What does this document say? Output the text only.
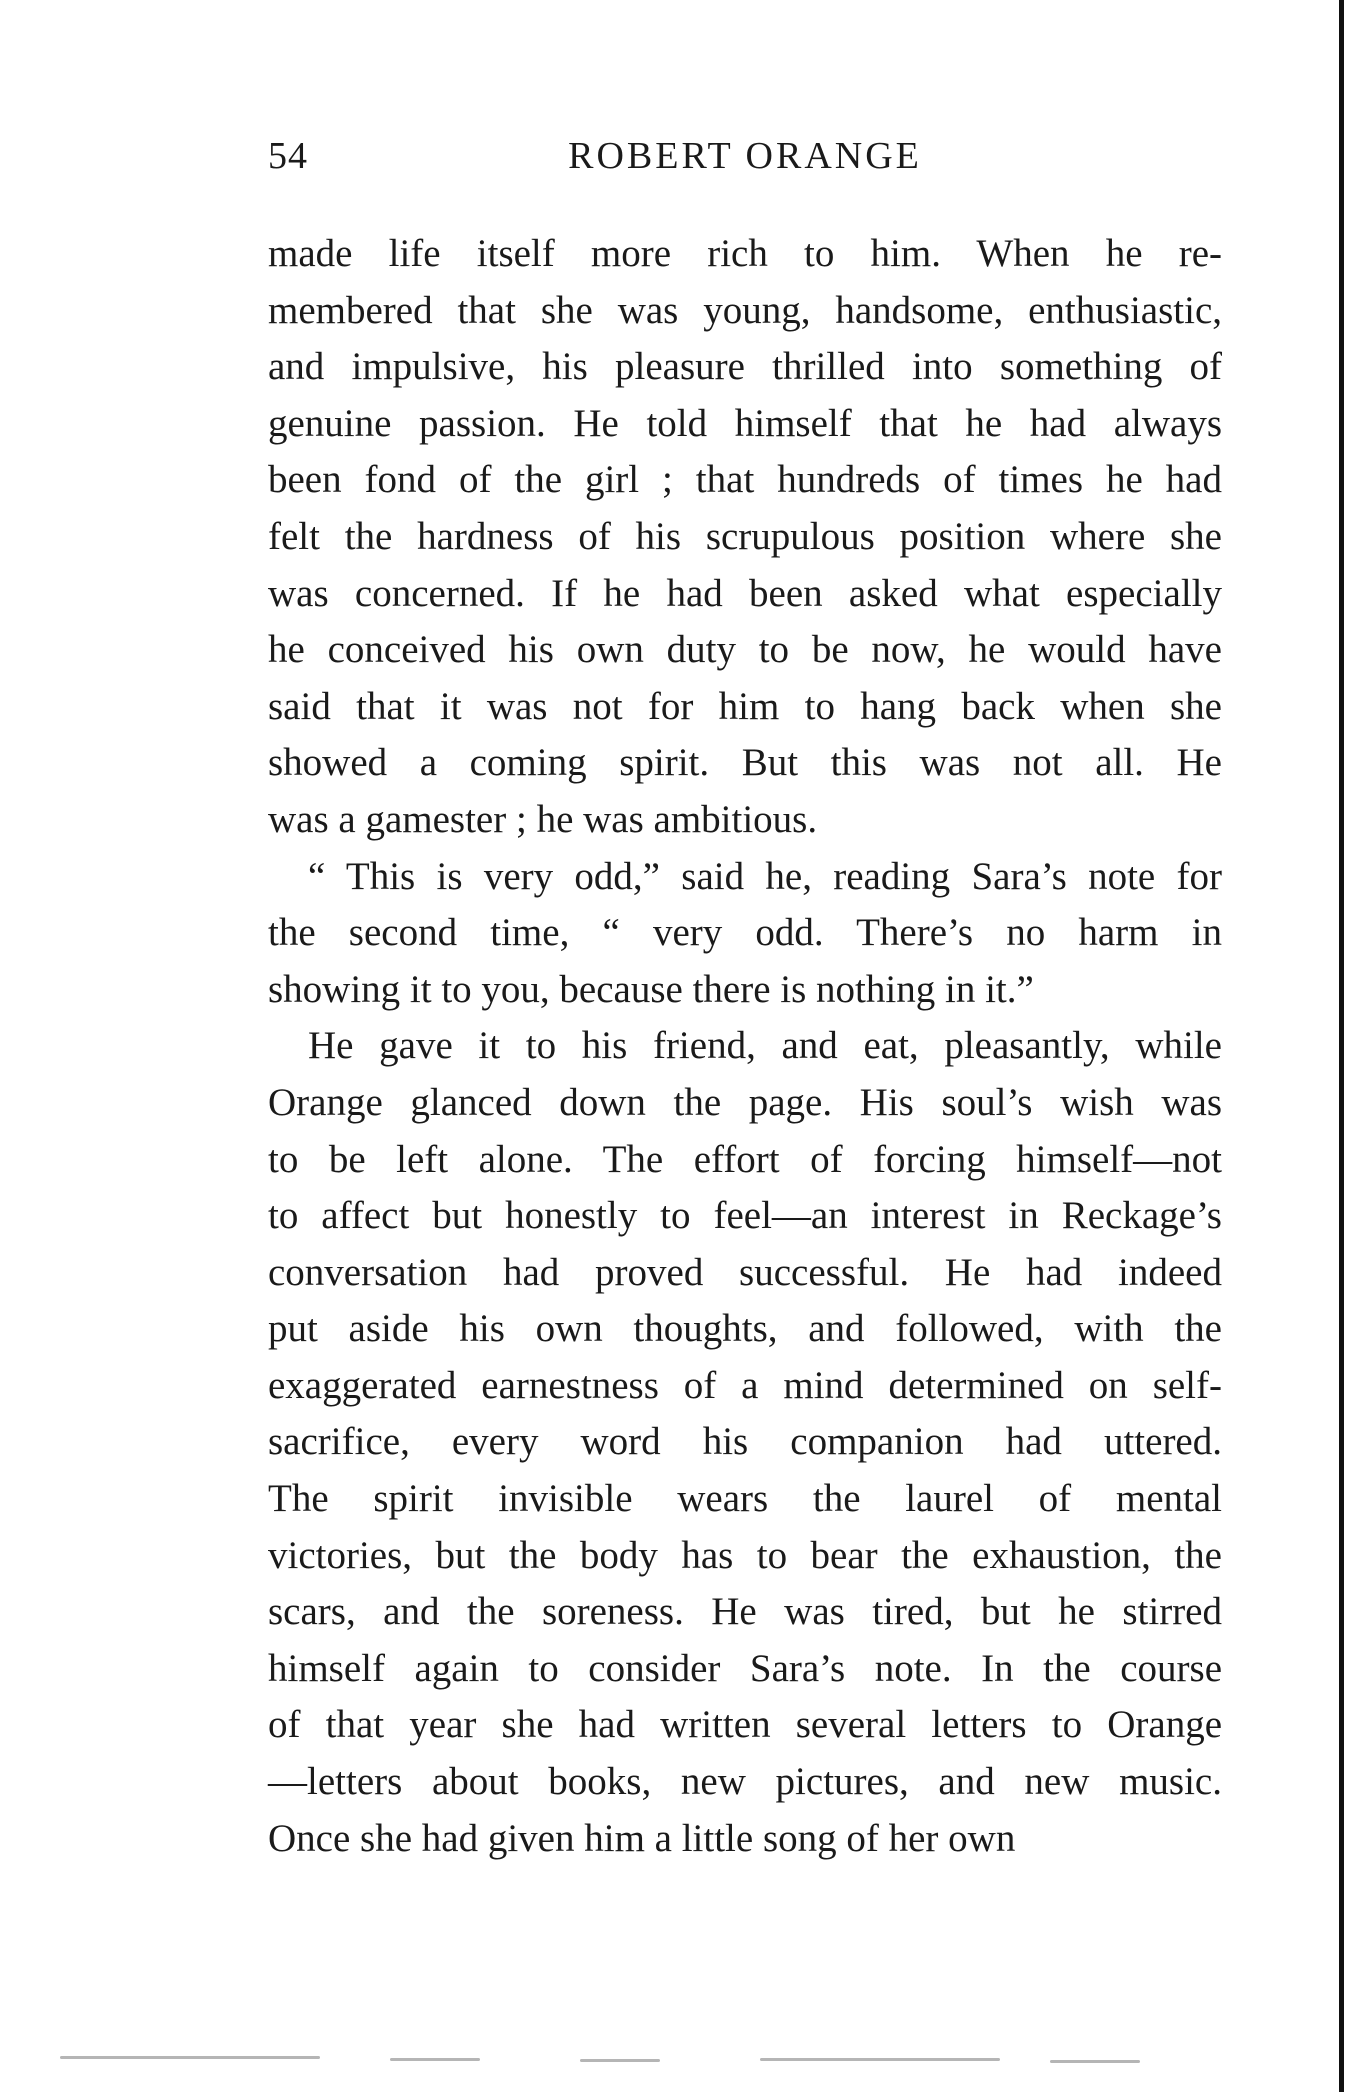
54	ROBERT ORANGE
made life itself more rich to him. When he re-
membered that she was young, handsome, enthusiastic,
and impulsive, his pleasure thrilled into something of
genuine passion. He told himself that he had always
been fond of the girl ; that hundreds of times he had
felt the hardness of his scrupulous position where she
was concerned. If he had been asked what especially
he conceived his own duty to be now, he would have
said that it was not for him to hang back when she
showed a coming spirit. But this was not all. He
was a gamester ; he was ambitious.
“ This is very odd,” said he, reading Sara’s note for
the second time, “ very odd. There’s no harm in
showing it to you, because there is nothing in it.”
He gave it to his friend, and eat, pleasantly, while
Orange glanced down the page. His soul’s wish was
to be left alone. The effort of forcing himself—not
to affect but honestly to feel—an interest in Reckage’s
conversation had proved successful. He had indeed
put aside his own thoughts, and followed, with the
exaggerated earnestness of a mind determined on self-
sacrifice, every word his companion had uttered.
The spirit invisible wears the laurel of mental
victories, but the body has to bear the exhaustion, the
scars, and the soreness. He was tired, but he stirred
himself again to consider Sara’s note. In the course
of that year she had written several letters to Orange
—letters about books, new pictures, and new music.
Once she had given him a little song of her own
